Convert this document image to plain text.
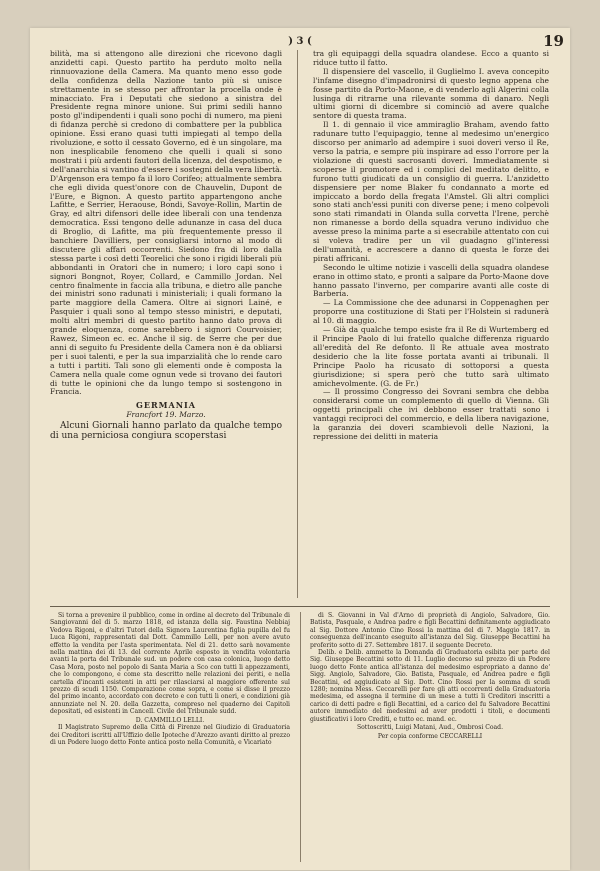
) 3 (	19

bilità, ma si attengono alle direzioni che ricevono dagli anzidetti capi. Questo partito ha perduto molto nella rinnuovazione della Camera. Ma quanto meno esso gode della confidenza della Nazione tanto più si unisce strettamente in se stesso per affrontar la procella onde è minacciato. Fra i Deputati che siedono a sinistra del Presidente regna minore unione. Sui primi sedili hanno posto gl'indipendenti i quali sono pochi di numero, ma pieni di fidanza perchè si credono di combattere per la pubblica opinione. Essi erano quasi tutti impiegati al tempo della rivoluzione, e sotto il cessato Governo, ed è un singolare, ma non inesplicabile fenomeno che quelli i quali si sono mostrati i più ardenti fautori della licenza, del despotismo, e dell'anarchia si vantino d'essere i sostegni della vera libertà. D'Argenson era tempo fa il loro Corifeo; attualmente sembra che egli divida quest'onore con de Chauvelin, Dupont de l'Eure, e Bignon. A questo partito appartengono anche Lafitte, e Serrier, Heraouse, Bondi, Savoye-Rollin, Martin de Gray, ed altri difensori delle idee liberali con una tendenza democratica. Essi tengono delle adunanze in casa del duca di Broglio, di Lafitte, ma più frequentemente presso il banchiere Davilliers, per consigliarsi intorno al modo di discutere gli affari occorrenti. Siedono fra di loro dalla stessa parte i così detti Teorelici che sono i rigidi liberali più abbondanti in Oratori che in numero; i loro capi sono i signori Bongnot, Royer, Collard, e Cammillo Jordan. Nel centro finalmente in faccia alla tribuna, e dietro alle panche dei ministri sono radunati i ministeriali; i quali formano la parte maggiore della Camera. Oltre ai signori Lainé, e Pasquier i quali sono al tempo stesso ministri, e deputati, molti altri membri di questo partito hanno dato prova di grande eloquenza, come sarebbero i signori Courvoisier, Rawez, Simeon ec. ec. Anche il sig. de Serre che per due anni di seguito fu Presidente della Camera non è da obliarsi per i suoi talenti, e per la sua imparzialità che lo rende caro a tutti i partiti. Tali sono gli elementi onde è composta la Camera nella quale come ognun vede si trovano dei fautori di tutte le opinioni che da lungo tempo si sostengono in Francia.

GERMANIA
Francfort 19. Marzo.

Alcuni Giornali hanno parlato da qualche tempo di una perniciosa congiura scoperstasi

tra gli equipaggi della squadra olandese. Ecco a quanto si riduce tutto il fatto.

Il dispensiere del vascello, il Guglielmo I. aveva concepito l'infame disegno d'impadronirsi di questo legno appena che fosse partito da Porto-Maone, e di venderlo agli Algerini colla lusinga di ritrarne una rilevante somma di danaro. Negli ultimi giorni di dicembre si cominciò ad avere qualche sentore di questa trama.

Il 1. di gennaio il vice ammiraglio Braham, avendo fatto radunare tutto l'equipaggio, tenne al medesimo un'energico discorso per animarlo ad adempire i suoi doveri verso il Re, verso la patria, e sempre più inspirare ad esso l'orrore per la violazione di questi sacrosanti doveri. Immediatamente si scoperse il promotore ed i complici del meditato delitto, e furono tutti giudicati da un consiglio di guerra. L'anzidetto dispensiere per nome Blaker fu condannato a morte ed impiccato a bordo della fregata l'Amstel. Gli altri complici sono stati anch'essi puniti con diverse pene; i meno colpevoli sono stati rimandati in Olanda sulla corvetta l'Irene, perchè non rimanesse a bordo della squadra veruno individuo che avesse preso la minima parte a si esecrabile attentato con cui si voleva tradire per un vil guadagno gl'interessi dell'umanità, e accrescere a danno di questa le forze dei pirati affricani.

Secondo le ultime notizie i vascelli della squadra olandese erano in ottimo stato, e pronti a salpare da Porto-Maone dove hanno passato l'inverno, per comparire avanti alle coste di Barberia.

— La Commissione che dee adunarsi in Coppenaghen per proporre una costituzione di Stati per l'Holstein si radunerà al 10. di maggio.

— Già da qualche tempo esiste fra il Re di Wurtemberg ed il Principe Paolo di lui fratello qualche differenza riguardo all'eredità del Re defonto. Il Re attuale avea mostrato desiderio che la lite fosse portata avanti ai tribunali. Il Principe Paolo ha ricusato di sottoporsi a questa giurisdizione; si spera però che tutto sarà ultimato amichevolmente. (G. de Fr.)

— Il prossimo Congresso dei Sovrani sembra che debba considerarsi come un complemento di quello di Vienna. Gli oggetti principali che ivi debbono esser trattati sono i vantaggi reciproci del commercio, e della libera navigazione, la garanzia dei doveri scambievoli delle Nazioni, la repressione dei delitti in materia

Si torna a prevenire il pubblico, come in ordine al decreto del Tribunale di Sangiovanni del di 5. marzo 1818, ed istanza della sig. Faustina Nebbiaj Vedova Rigoni, e d'altri Tutori della Signora Laurentina figlia pupilla del fu Luca Rigoni, rappresentati dal Dott. Cammillo Lelli, per non avere avuto effetto la vendita per l'asta sperimentata. Nel di 21. detto sarà novamente nella mattina dei di 13. del corrente Aprile esposto in vendita volontaria avanti la porta del Tribunale sud. un podere con casa colonica, luogo detto Casa Mora, posto nel popolo di Santa Maria a Sco con tutti li appezzamenti, che lo compongono, e come sta descritto nelle relazioni dei periti, e nella cartella d'incanti esistenti in atti per rilasciarsi al maggiore offerente sul prezzo di scudi 1150. Comparazione come sopra, e come si disse il prezzo del primo incanto, accordato con decreto e con tutti li oneri, e condizioni già annunziate nel N. 20. della Gazzetta, compreso nel quaderno dei Capitoli depositati, ed esistenti in Cancell. Civile del Tribunale sudd.

D. CAMMILLO LELLI.

Il Magistrato Supremo della Città di Firenze nel Giudizio di Graduatoria dei Creditori iscritti all'Uffizio delle Ipoteche d'Arezzo avanti diritto al prezzo di un Podere luogo detto Fonte antica posto nella Comunità, e Vicariato

di S. Giovanni in Val d'Arno di proprietà di Angiolo, Salvadore, Gio. Batista, Pasquale, e Andrea padre e figli Becattini definitamente aggiudicato al Sig. Dottore Antonio Cino Rossi la mattina del di 7. Maggio 1817. in conseguenza dell'incanto eseguito all'istanza del Sig. Giuseppe Becattini ha proferito sotto di 27. Settembre 1817. il seguente Decreto.

Delib. e Delib. ammette la Domanda di Graduatoria esibita per parte del Sig. Giuseppe Becattini sotto di 11. Luglio decorso sul prezzo di un Podere luogo detto Fonte antica all'istanza del medesimo espropriato a danno de' Sigg. Angiolo, Salvadore, Gio. Batista, Pasquale, ed Andrea padre e figli Becattini, ed aggiudicato al Sig. Dott. Cino Rossi per la somma di scudi 1280; nomina Mess. Ceccarelli per fare gli atti occorrenti della Graduatoria medesima, ed assegna il termine di un mese a tutti li Creditori inscritti a carico di detti padre e figli Becattini, ed a carico del fu Salvadore Becattini autore immediato del medesimi ad aver prodotti i titoli, e documenti giustificativi i loro Crediti, e tutto ec. mand. ec.

Sottoscritti, Luigi Matani, Aud., Ombrosi Coad.
Per copia conforme CECCARELLI
